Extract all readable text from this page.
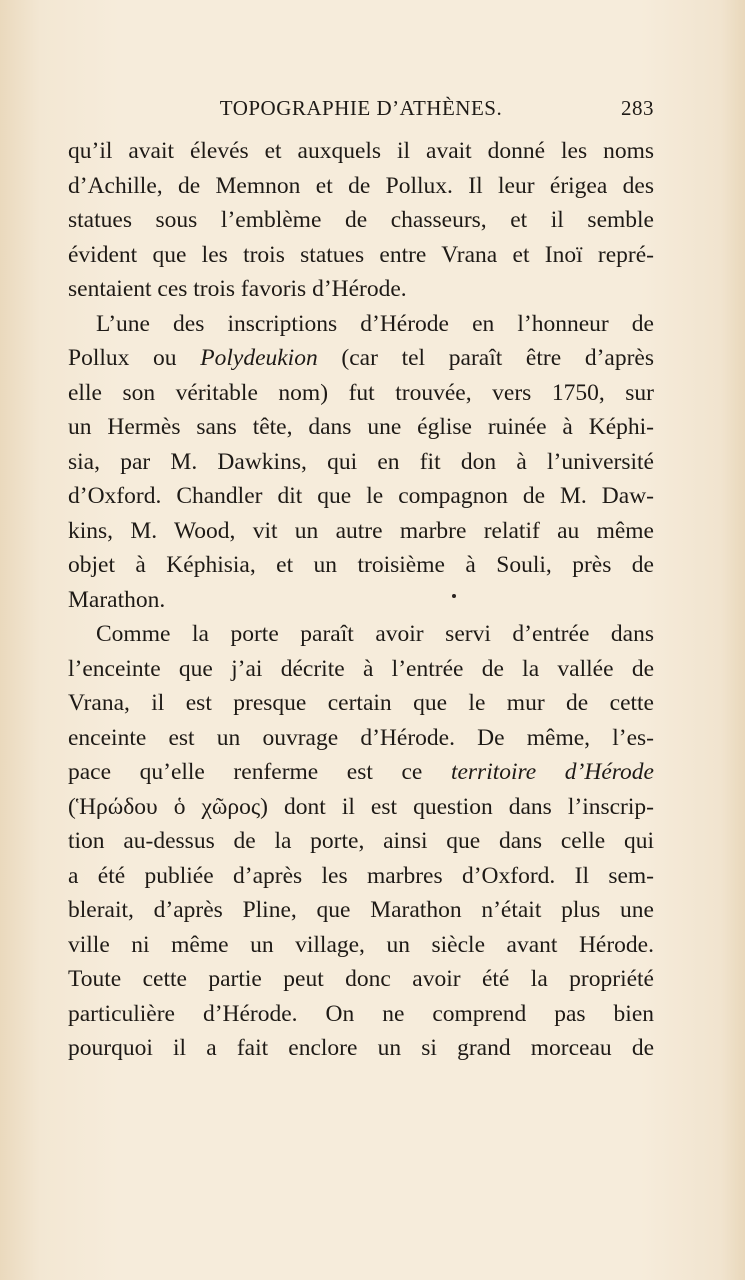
TOPOGRAPHIE D’ATHÈNES.	283
qu’il avait élevés et auxquels il avait donné les noms
d’Achille, de Memnon et de Pollux. Il leur érigea des
statues sous l’emblème de chasseurs, et il semble
évident que les trois statues entre Vrana et Inoï repré-
sentaient ces trois favoris d’Hérode.
L’une des inscriptions d’Hérode en l’honneur de
Pollux ou Polydeukion (car tel paraît être d’après
elle son véritable nom) fut trouvée, vers 1750, sur
un Hermès sans tête, dans une église ruinée à Képhi-
sia, par M. Dawkins, qui en fit don à l’université
d’Oxford. Chandler dit que le compagnon de M. Daw-
kins, M. Wood, vit un autre marbre relatif au même
objet à Képhisia, et un troisième à Souli, près de
Marathon.
Comme la porte paraît avoir servi d’entrée dans
l’enceinte que j’ai décrite à l’entrée de la vallée de
Vrana, il est presque certain que le mur de cette
enceinte est un ouvrage d’Hérode. De même, l’es-
pace qu’elle renferme est ce territoire d’Hérode
(Ἡρώδου ὁ χῶρος) dont il est question dans l’inscrip-
tion au-dessus de la porte, ainsi que dans celle qui
a été publiée d’après les marbres d’Oxford. Il sem-
blerait, d’après Pline, que Marathon n’était plus une
ville ni même un village, un siècle avant Hérode.
Toute cette partie peut donc avoir été la propriété
particulière d’Hérode. On ne comprend pas bien
pourquoi il a fait enclore un si grand morceau de
